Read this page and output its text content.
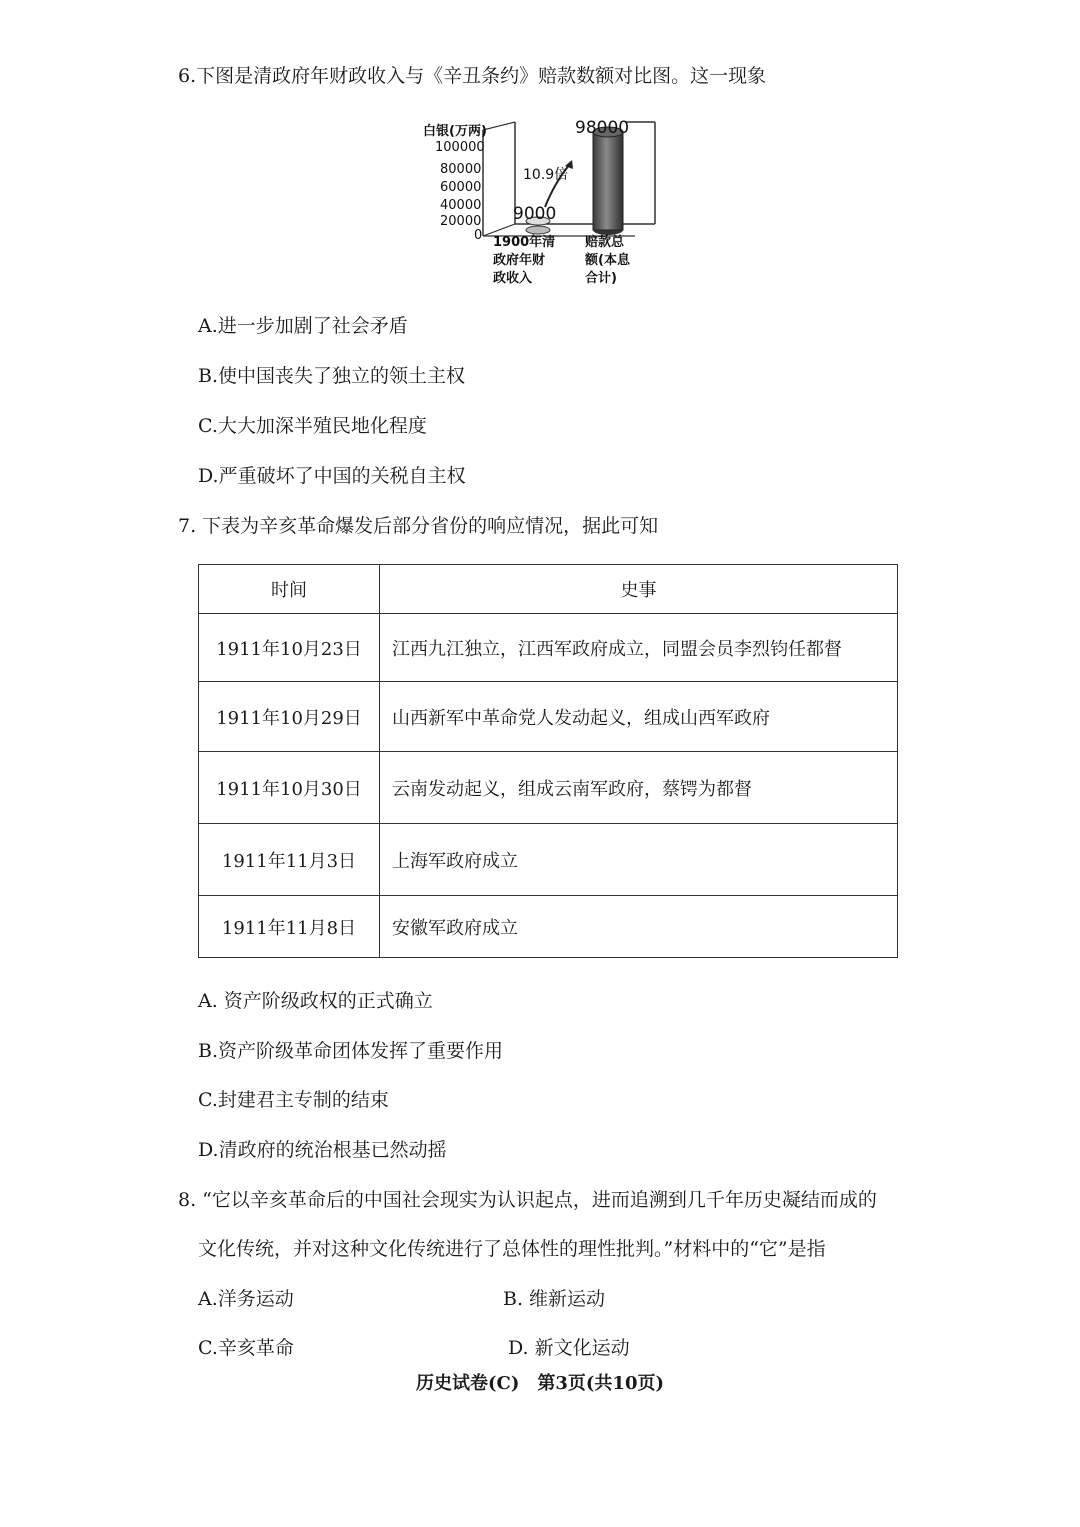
6.下图是清政府年财政收入与《辛丑条约》赔款数额对比图。这一现象
白银(万两)
100000
80000
60000
40000
20000
0
10.9倍
9000
98000
1900年清
政府年财
政收入
赔款总
额(本息
合计)
A.进一步加剧了社会矛盾
B.使中国丧失了独立的领土主权
C.大大加深半殖民地化程度
D.严重破坏了中国的关税自主权
7. 下表为辛亥革命爆发后部分省份的响应情况，据此可知
时间	史事
1911年10月23日	江西九江独立，江西军政府成立，同盟会员李烈钧任都督
1911年10月29日	山西新军中革命党人发动起义，组成山西军政府
1911年10月30日	云南发动起义，组成云南军政府，蔡锷为都督
1911年11月3日	上海军政府成立
1911年11月8日	安徽军政府成立
A. 资产阶级政权的正式确立
B.资产阶级革命团体发挥了重要作用
C.封建君主专制的结束
D.清政府的统治根基已然动摇
8. “它以辛亥革命后的中国社会现实为认识起点，进而追溯到几千年历史凝结而成的
文化传统，并对这种文化传统进行了总体性的理性批判。”材料中的“它”是指
A.洋务运动	B. 维新运动
C.辛亥革命	D. 新文化运动
历史试卷(C)　第3页(共10页)
